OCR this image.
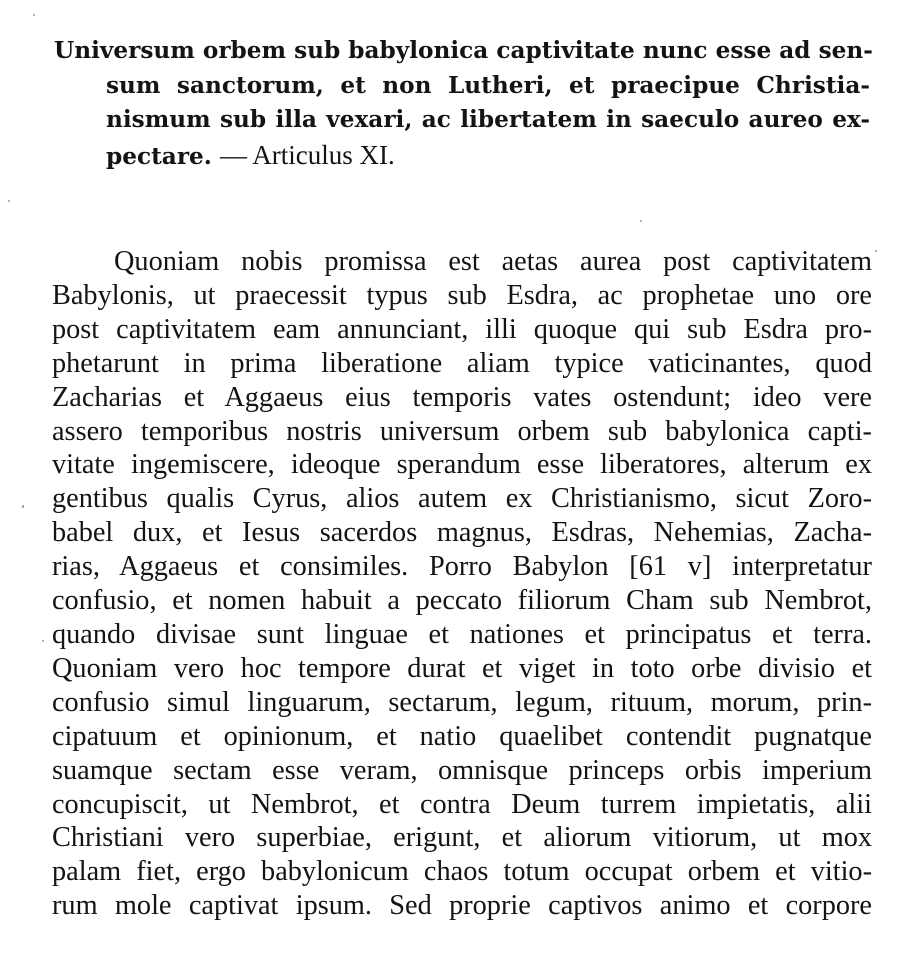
Universum orbem sub babylonica captivitate nunc esse ad sen-
sum sanctorum, et non Lutheri, et praecipue Christia-
nismum sub illa vexari, ac libertatem in saeculo aureo ex-
pectare. — Articulus XI.
Quoniam nobis promissa est aetas aurea post captivitatem
Babylonis, ut praecessit typus sub Esdra, ac prophetae uno ore
post captivitatem eam annunciant, illi quoque qui sub Esdra pro-
phetarunt in prima liberatione aliam typice vaticinantes, quod
Zacharias et Aggaeus eius temporis vates ostendunt; ideo vere
assero temporibus nostris universum orbem sub babylonica capti-
vitate ingemiscere, ideoque sperandum esse liberatores, alterum ex
gentibus qualis Cyrus, alios autem ex Christianismo, sicut Zoro-
babel dux, et Iesus sacerdos magnus, Esdras, Nehemias, Zacha-
rias, Aggaeus et consimiles. Porro Babylon [61 v] interpretatur
confusio, et nomen habuit a peccato filiorum Cham sub Nembrot,
quando divisae sunt linguae et nationes et principatus et terra.
Quoniam vero hoc tempore durat et viget in toto orbe divisio et
confusio simul linguarum, sectarum, legum, rituum, morum, prin-
cipatuum et opinionum, et natio quaelibet contendit pugnatque
suamque sectam esse veram, omnisque princeps orbis imperium
concupiscit, ut Nembrot, et contra Deum turrem impietatis, alii
Christiani vero superbiae, erigunt, et aliorum vitiorum, ut mox
palam fiet, ergo babylonicum chaos totum occupat orbem et vitio-
rum mole captivat ipsum. Sed proprie captivos animo et corpore
